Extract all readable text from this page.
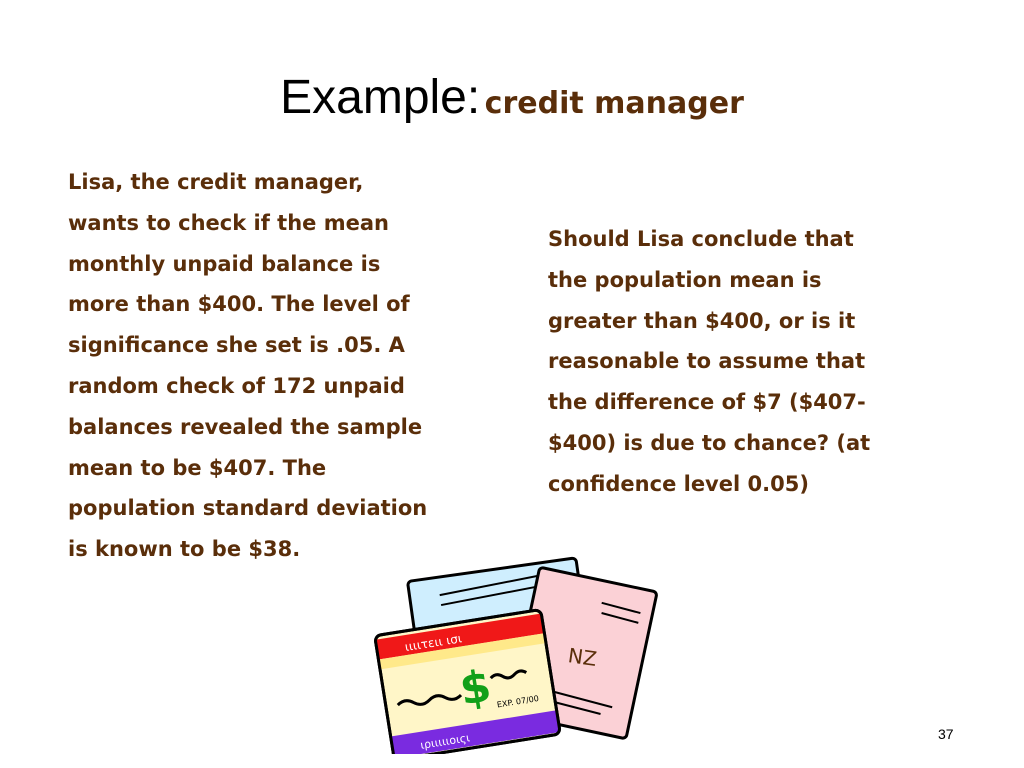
Example: credit manager
Lisa, the credit manager,
wants to check if the mean
monthly unpaid balance is
more than $400. The level of
significance she set is .05. A
random check of 172 unpaid
balances revealed the sample
mean to be $407. The
population standard deviation
is known to be $38.
Should Lisa conclude that
the population mean is
greater than $400, or is it
reasonable to assume that
the difference of $7 ($407-
$400) is due to chance? (at
confidence level 0.05)
NZ
ιιιιτειι ισι
$ EXP. 07/00
ιριιιιιοιςι	37
